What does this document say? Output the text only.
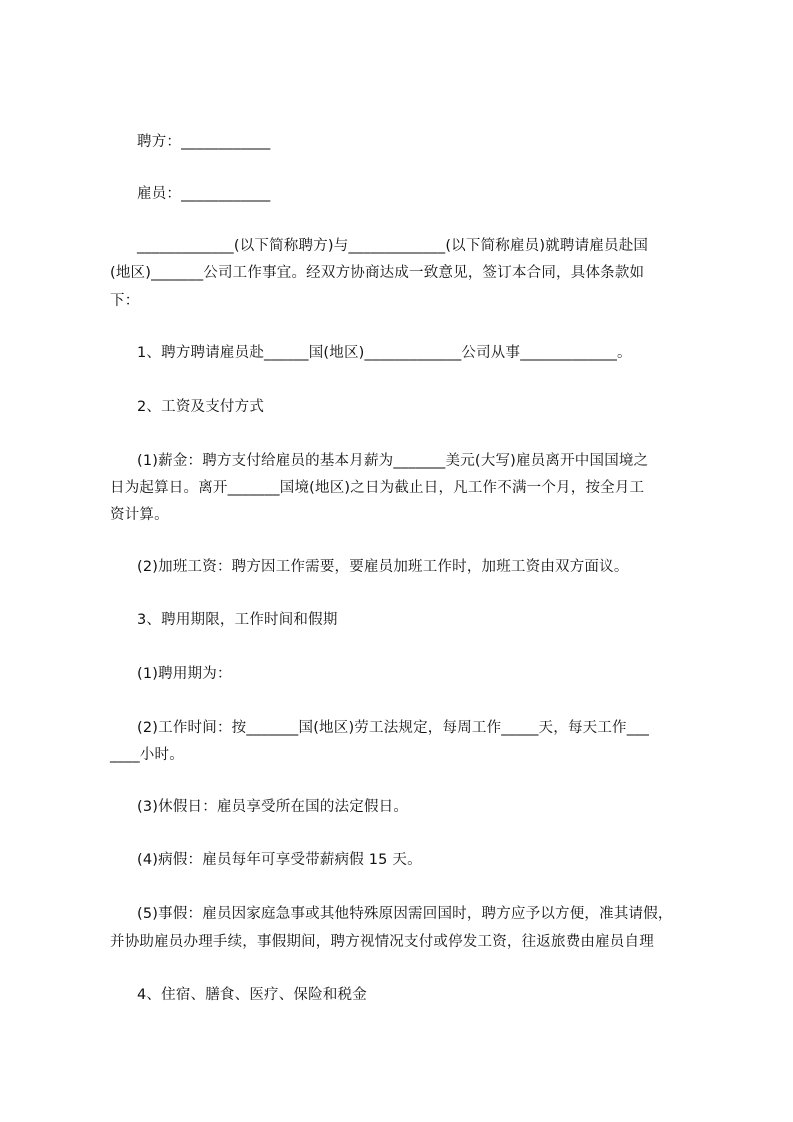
聘方：____________
雇员：____________
_____________(以下简称聘方)与_____________(以下简称雇员)就聘请雇员赴国
(地区)_______公司工作事宜。经双方协商达成一致意见，签订本合同，具体条款如
下：
1、聘方聘请雇员赴______国(地区)_____________公司从事_____________。
2、工资及支付方式
(1)薪金：聘方支付给雇员的基本月薪为_______美元(大写)雇员离开中国国境之
日为起算日。离开_______国境(地区)之日为截止日，凡工作不满一个月，按全月工
资计算。
(2)加班工资：聘方因工作需要，要雇员加班工作时，加班工资由双方面议。
3、聘用期限，工作时间和假期
(1)聘用期为：
(2)工作时间：按_______国(地区)劳工法规定，每周工作_____天，每天工作___
____小时。
(3)休假日：雇员享受所在国的法定假日。
(4)病假：雇员每年可享受带薪病假 15 天。
(5)事假：雇员因家庭急事或其他特殊原因需回国时，聘方应予以方便，准其请假，
并协助雇员办理手续，事假期间，聘方视情况支付或停发工资，往返旅费由雇员自理
4、住宿、膳食、医疗、保险和税金
